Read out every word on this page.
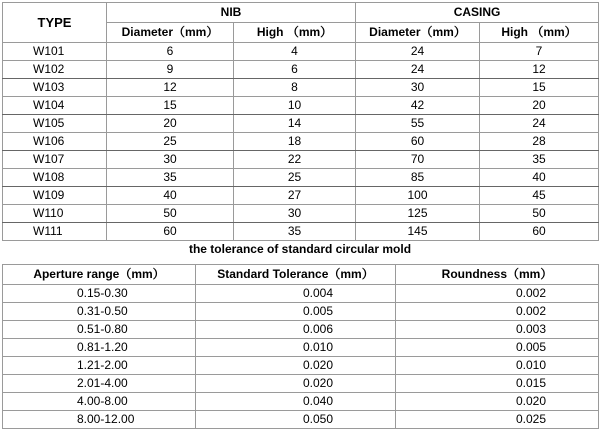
TYPE	NIB		CASING	
	Diameter（mm）	High （mm）	Diameter（mm）	High （mm）
W101	6	4	24	7
W102	9	6	24	12
W103	12	8	30	15
W104	15	10	42	20
W105	20	14	55	24
W106	25	18	60	28
W107	30	22	70	35
W108	35	25	85	40
W109	40	27	100	45
W110	50	30	125	50
W111	60	35	145	60
the tolerance of standard circular mold
Aperture range（mm）	Standard Tolerance（mm）	Roundness（mm）
0.15-0.30	0.004	0.002
0.31-0.50	0.005	0.002
0.51-0.80	0.006	0.003
0.81-1.20	0.010	0.005
1.21-2.00	0.020	0.010
2.01-4.00	0.020	0.015
4.00-8.00	0.040	0.020
8.00-12.00	0.050	0.025
